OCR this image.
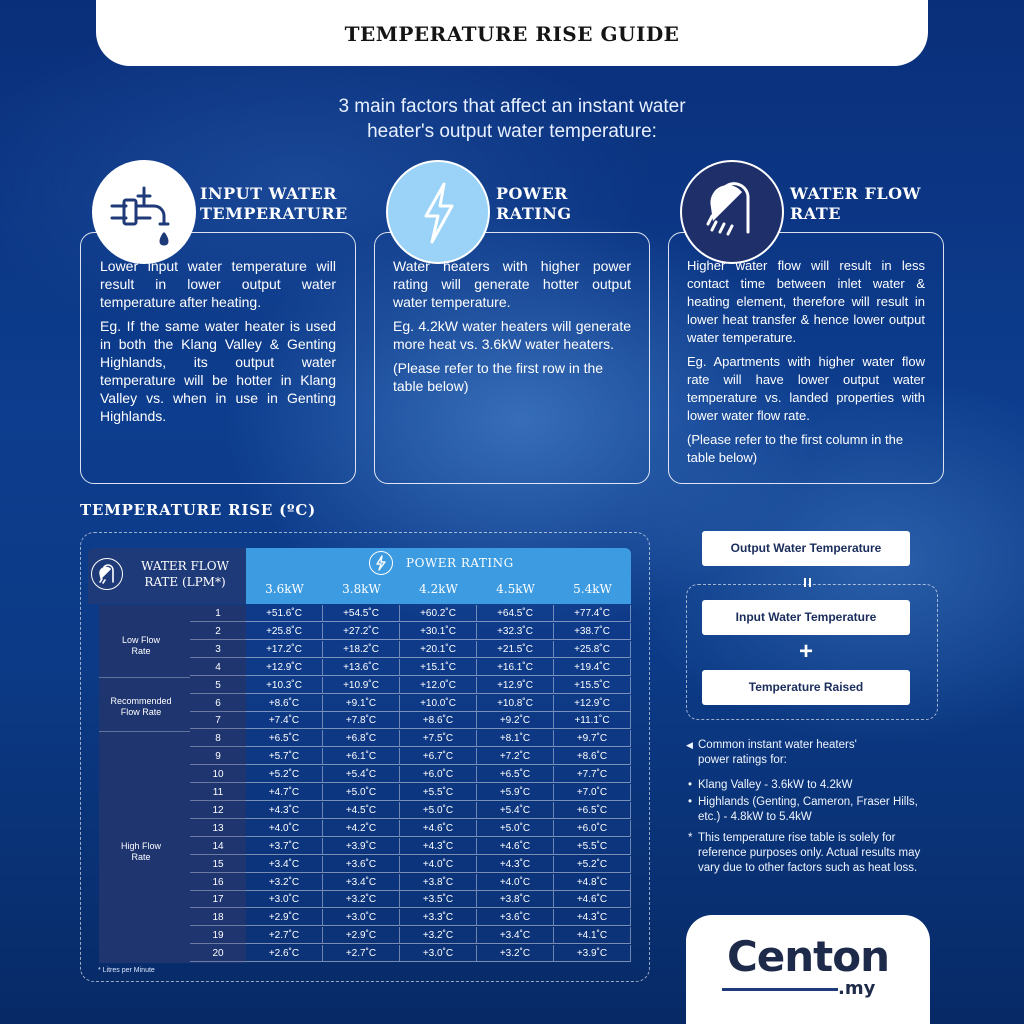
TEMPERATURE RISE GUIDE
3 main factors that affect an instant water
heater's output water temperature:
INPUT WATER
TEMPERATURE

Lower input water temperature will result in lower output water temperature after heating.

Eg. If the same water heater is used in both the Klang Valley & Genting Highlands, its output water temperature will be hotter in Klang Valley vs. when in use in Genting Highlands.

POWER
RATING

Water heaters with higher power rating will generate hotter output water temperature.

Eg. 4.2kW water heaters will generate more heat vs. 3.6kW water heaters.

(Please refer to the first row in the table below)

WATER FLOW
RATE

Higher water flow will result in less contact time between inlet water & heating element, therefore will result in lower heat transfer & hence lower output water temperature.

Eg. Apartments with higher water flow rate will have lower output water temperature vs. landed properties with lower water flow rate.

(Please refer to the first column in the table below)

TEMPERATURE RISE (ºC)
WATER FLOW
RATE (LPM*)
POWER RATING
3.6kW	3.8kW	4.2kW	4.5kW	5.4kW
Low Flow
Rate
Recommended
Flow Rate
High Flow
Rate
1	+51.6˚C	+54.5˚C	+60.2˚C	+64.5˚C	+77.4˚C
2	+25.8˚C	+27.2˚C	+30.1˚C	+32.3˚C	+38.7˚C
3	+17.2˚C	+18.2˚C	+20.1˚C	+21.5˚C	+25.8˚C
4	+12.9˚C	+13.6˚C	+15.1˚C	+16.1˚C	+19.4˚C
5	+10.3˚C	+10.9˚C	+12.0˚C	+12.9˚C	+15.5˚C
6	+8.6˚C	+9.1˚C	+10.0˚C	+10.8˚C	+12.9˚C
7	+7.4˚C	+7.8˚C	+8.6˚C	+9.2˚C	+11.1˚C
8	+6.5˚C	+6.8˚C	+7.5˚C	+8.1˚C	+9.7˚C
9	+5.7˚C	+6.1˚C	+6.7˚C	+7.2˚C	+8.6˚C
10	+5.2˚C	+5.4˚C	+6.0˚C	+6.5˚C	+7.7˚C
11	+4.7˚C	+5.0˚C	+5.5˚C	+5.9˚C	+7.0˚C
12	+4.3˚C	+4.5˚C	+5.0˚C	+5.4˚C	+6.5˚C
13	+4.0˚C	+4.2˚C	+4.6˚C	+5.0˚C	+6.0˚C
14	+3.7˚C	+3.9˚C	+4.3˚C	+4.6˚C	+5.5˚C
15	+3.4˚C	+3.6˚C	+4.0˚C	+4.3˚C	+5.2˚C
16	+3.2˚C	+3.4˚C	+3.8˚C	+4.0˚C	+4.8˚C
17	+3.0˚C	+3.2˚C	+3.5˚C	+3.8˚C	+4.6˚C
18	+2.9˚C	+3.0˚C	+3.3˚C	+3.6˚C	+4.3˚C
19	+2.7˚C	+2.9˚C	+3.2˚C	+3.4˚C	+4.1˚C
20	+2.6˚C	+2.7˚C	+3.0˚C	+3.2˚C	+3.9˚C
* Litres per Minute
Output Water Temperature
=
Input Water Temperature
+
Temperature Raised
◀ Common instant water heaters'
power ratings for:
• Klang Valley - 3.6kW to 4.2kW
• Highlands (Genting, Cameron, Fraser Hills, etc.) - 4.8kW to 5.4kW
* This temperature rise table is solely for reference purposes only. Actual results may vary due to other factors such as heat loss.
Centon
.my
